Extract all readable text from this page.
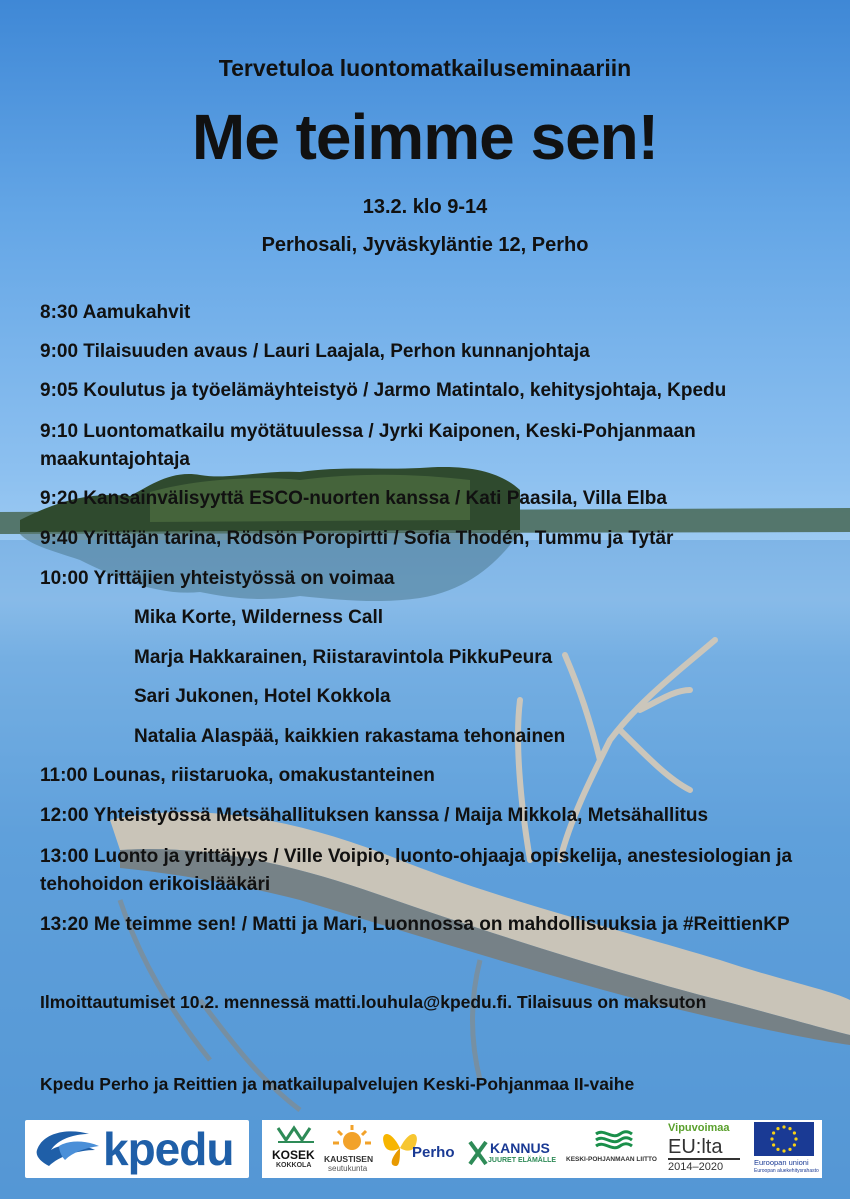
Tervetuloa luontomatkailuseminaariin
Me teimme sen!
13.2. klo 9-14
Perhosali, Jyväskyläntie 12, Perho
8:30 Aamukahvit
9:00 Tilaisuuden avaus / Lauri Laajala, Perhon kunnanjohtaja
9:05 Koulutus ja työelämäyhteistyö / Jarmo Matintalo, kehitysjohtaja, Kpedu
9:10 Luontomatkailu myötätuulessa / Jyrki Kaiponen, Keski-Pohjanmaan
maakuntajohtaja
9:20 Kansainvälisyyttä ESCO-nuorten kanssa / Kati Paasila, Villa Elba
9:40 Yrittäjän tarina, Rödsön Poropirtti / Sofia Thodén, Tummu ja Tytär
10:00 Yrittäjien yhteistyössä on voimaa
Mika Korte, Wilderness Call
Marja Hakkarainen, Riistaravintola PikkuPeura
Sari Jukonen, Hotel Kokkola
Natalia Alaspää, kaikkien rakastama tehonainen
11:00 Lounas, riistaruoka, omakustanteinen
12:00 Yhteistyössä Metsähallituksen kanssa / Maija Mikkola, Metsähallitus
13:00 Luonto ja yrittäjyys / Ville Voipio, luonto-ohjaaja opiskelija, anestesiologian ja
tehohoidon erikoislääkäri
13:20 Me teimme sen! / Matti ja Mari, Luonnossa on mahdollisuuksia ja #ReittienKP
Ilmoittautumiset 10.2. mennessä matti.louhula@kpedu.fi. Tilaisuus on maksuton
Kpedu Perho ja Reittien ja matkailupalvelujen Keski-Pohjanmaa II-vaihe
kpedu	KOSEK
KOKKOLA
KAUSTISEN
seutukunta
Perho	KANNUS
JUURET ELÄMÄLLE KESKI-POHJANMAAN LIITTO
Vipuvoimaa
EU:lta
2014–2020	Euroopan unioni
Euroopan aluekehitysrahasto
